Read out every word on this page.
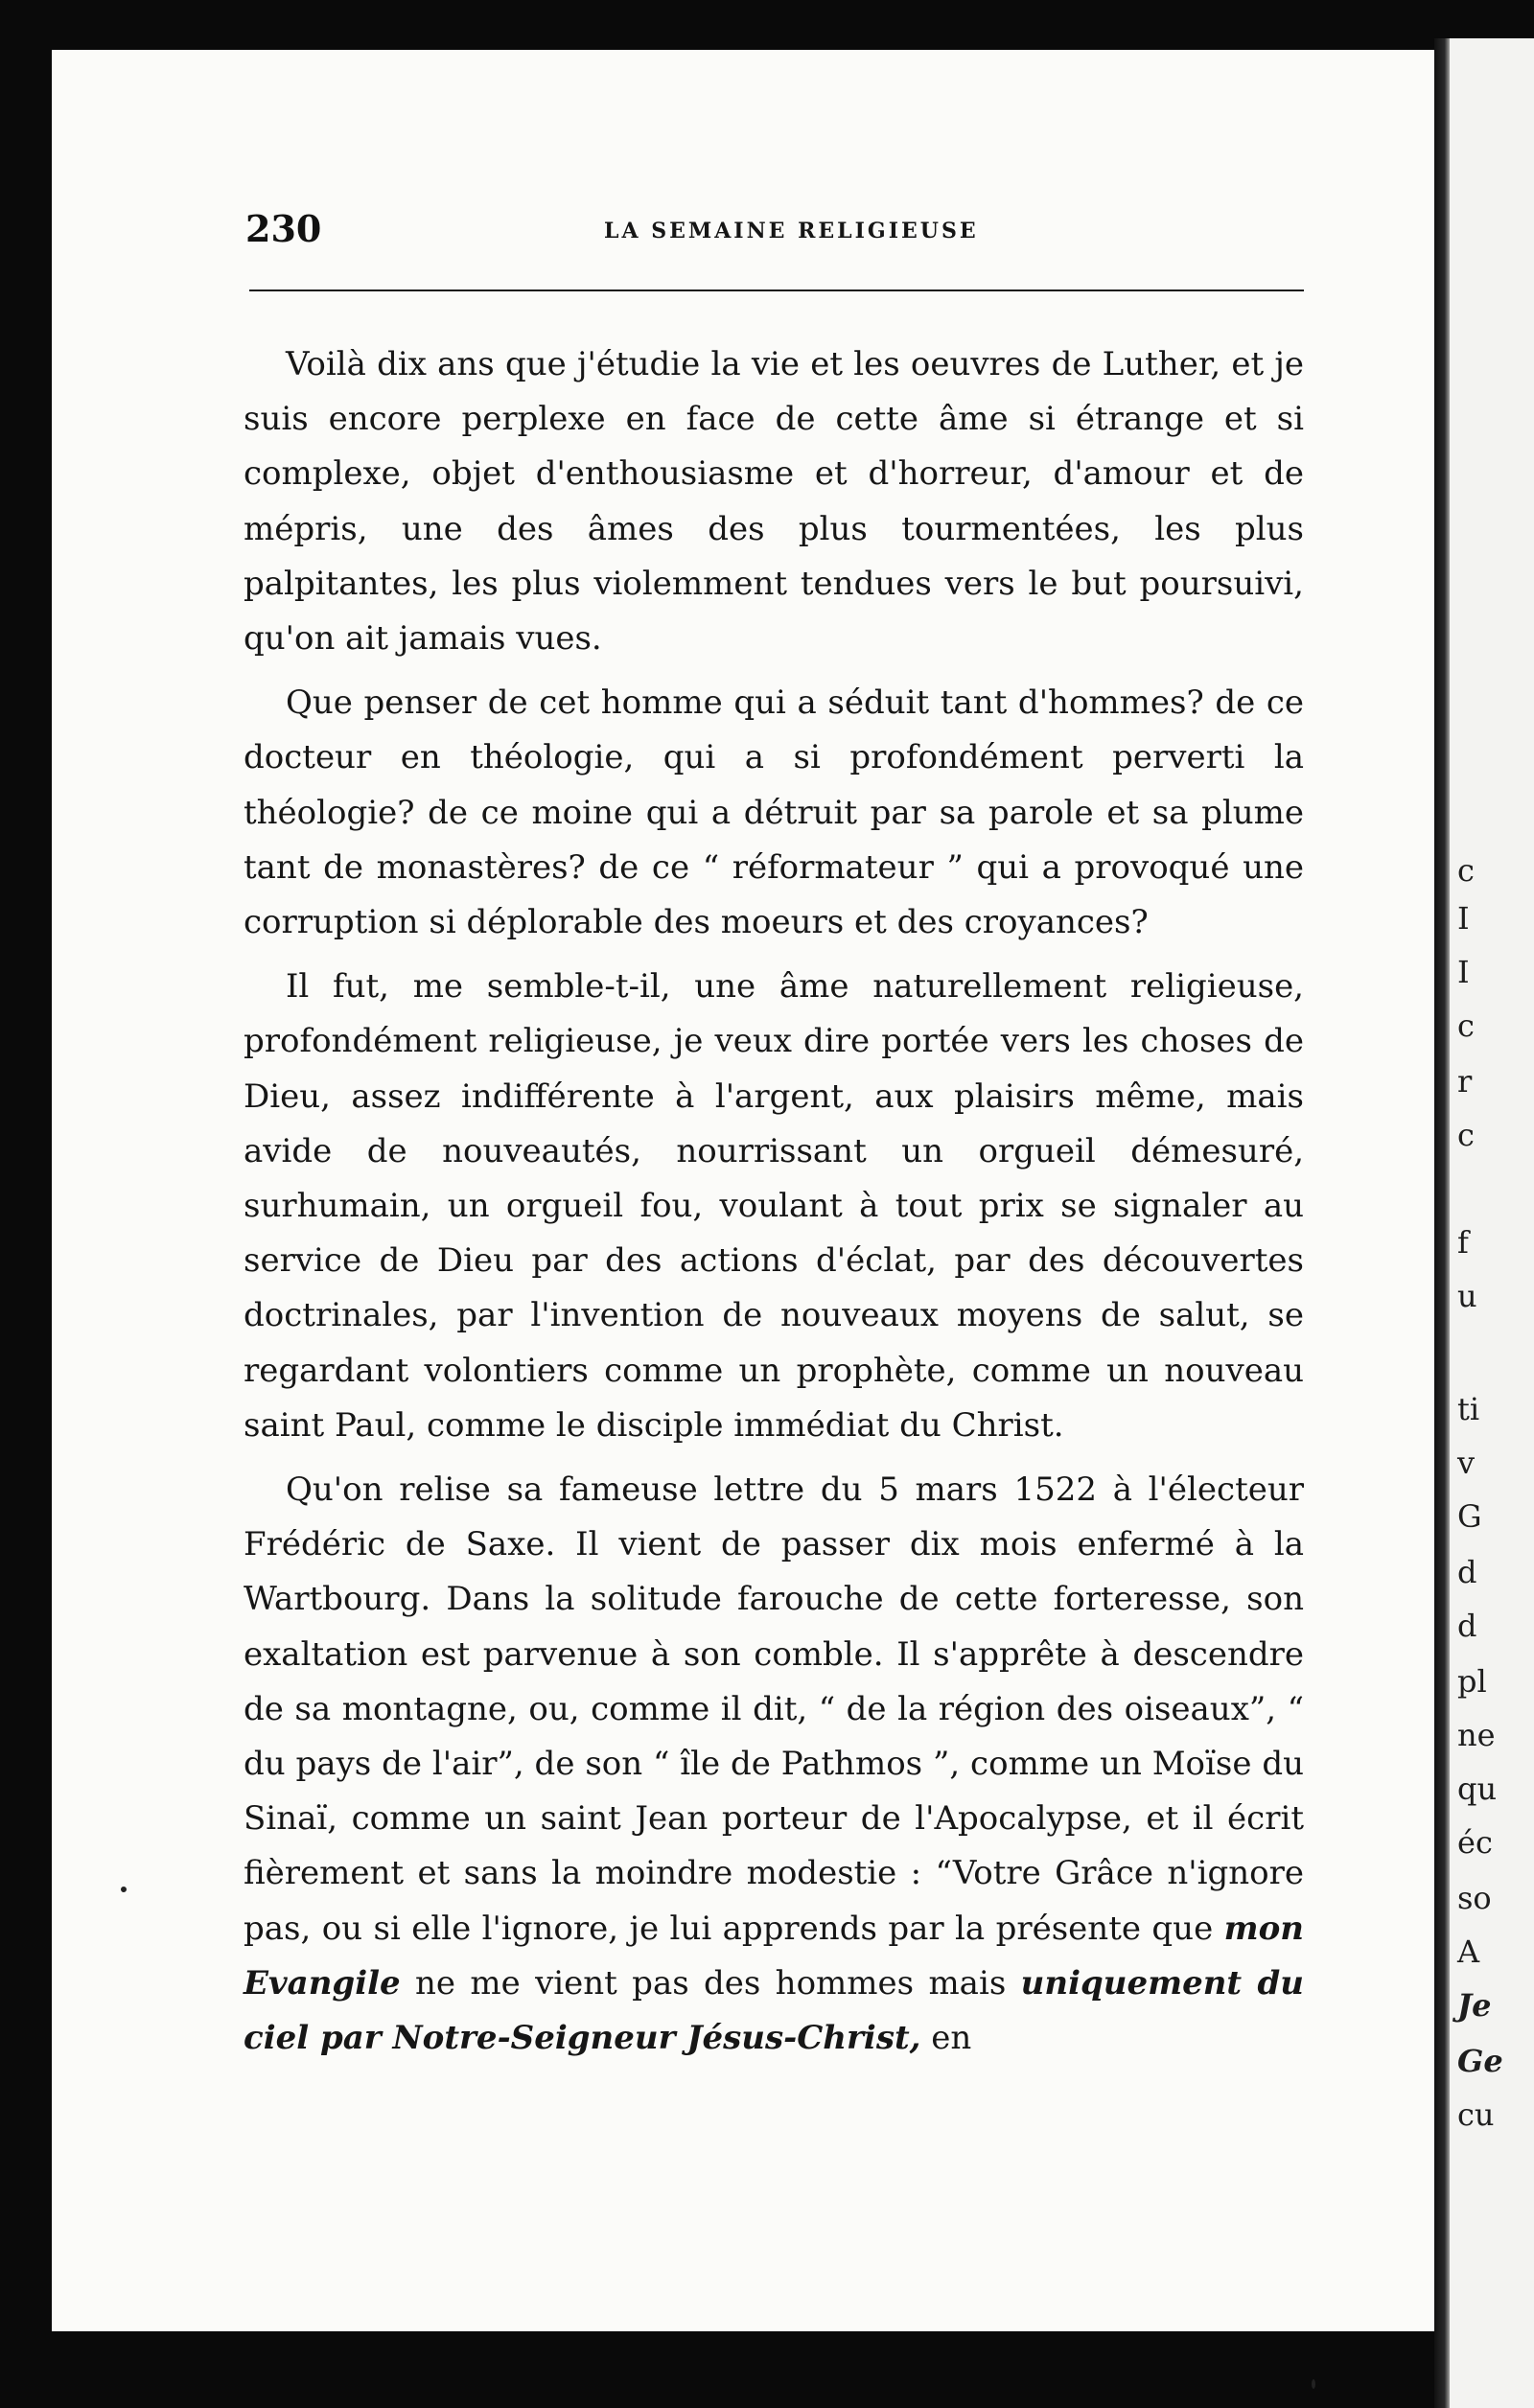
c
I
I
c
r
c
f
u
ti
v
G
d
d
pl
ne
qu
éc
so
A
Je
Ge
cu
230	LA SEMAINE RELIGIEUSE

Voilà dix ans que j'étudie la vie et les oeuvres de Luther, et je suis encore perplexe en face de cette âme si étrange et si complexe, objet d'enthousiasme et d'horreur, d'amour et de mépris, une des âmes des plus tourmentées, les plus palpitantes, les plus violemment tendues vers le but poursuivi, qu'on ait jamais vues.

Que penser de cet homme qui a séduit tant d'hommes? de ce docteur en théologie, qui a si profondément perverti la théologie? de ce moine qui a détruit par sa parole et sa plume tant de monastères? de ce “ réformateur ” qui a provoqué une corruption si déplorable des moeurs et des croyances?

Il fut, me semble-t-il, une âme naturellement religieuse, profondément religieuse, je veux dire portée vers les choses de Dieu, assez indifférente à l'argent, aux plaisirs même, mais avide de nouveautés, nourrissant un orgueil démesuré, surhumain, un orgueil fou, voulant à tout prix se signaler au service de Dieu par des actions d'éclat, par des découvertes doctrinales, par l'invention de nouveaux moyens de salut, se regardant volontiers comme un prophète, comme un nouveau saint Paul, comme le disciple immédiat du Christ.

Qu'on relise sa fameuse lettre du 5 mars 1522 à l'électeur Frédéric de Saxe. Il vient de passer dix mois enfermé à la Wartbourg. Dans la solitude farouche de cette forteresse, son exaltation est parvenue à son comble. Il s'apprête à descendre de sa montagne, ou, comme il dit, “ de la région des oiseaux”, “ du pays de l'air”, de son “ île de Pathmos ”, comme un Moïse du Sinaï, comme un saint Jean porteur de l'Apocalypse, et il écrit fièrement et sans la moindre modestie : “Votre Grâce n'ignore pas, ou si elle l'ignore, je lui apprends par la présente que mon Evangile ne me vient pas des hommes mais uniquement du ciel par Notre-Seigneur Jésus-Christ, en
